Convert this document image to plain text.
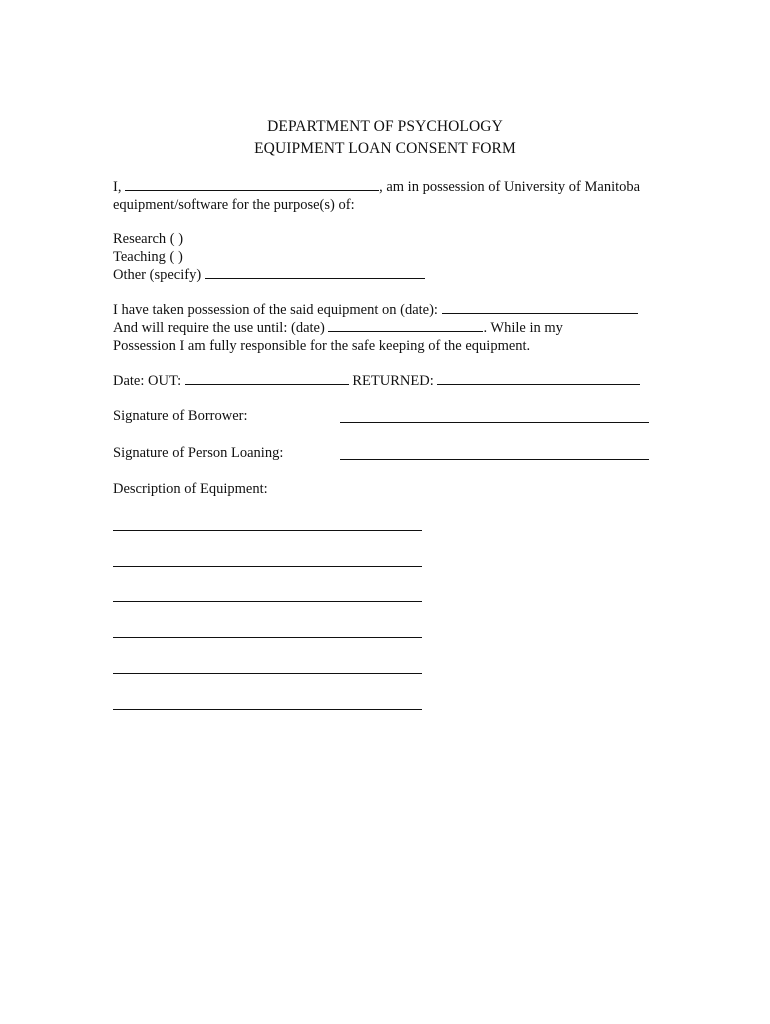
DEPARTMENT OF PSYCHOLOGY
EQUIPMENT LOAN CONSENT FORM
I,	, am in possession of University of Manitoba
equipment/software for the purpose(s) of:
Research ( )
Teaching ( )
Other (specify)
I have taken possession of the said equipment on (date):
And will require the use until: (date)	. While in my
Possession I am fully responsible for the safe keeping of the equipment.
Date: OUT:	RETURNED:
Signature of Borrower:
Signature of Person Loaning:
Description of Equipment:
